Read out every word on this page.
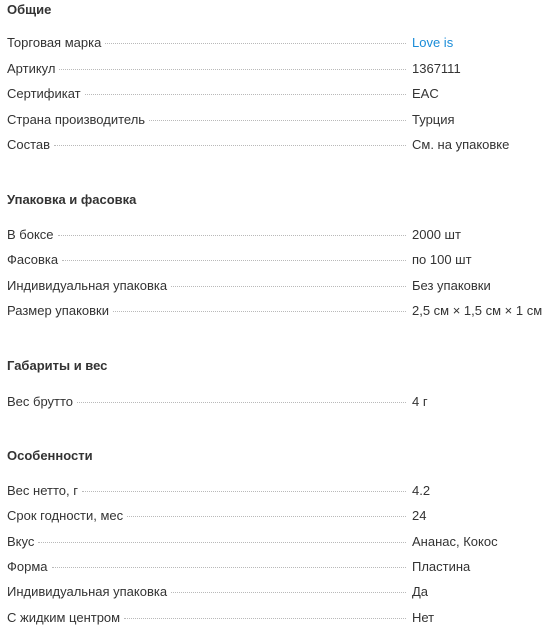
Общие
Торговая марка	Love is
Артикул	1367111
Сертификат	EAC
Страна производитель	Турция
Состав	См. на упаковке
Упаковка и фасовка
В боксе	2000 шт
Фасовка	по 100 шт
Индивидуальная упаковка	Без упаковки
Размер упаковки	2,5 см × 1,5 см × 1 см
Габариты и вес
Вес брутто	4 г
Особенности
Вес нетто, г	4.2
Срок годности, мес	24
Вкус	Ананас, Кокос
Форма	Пластина
Индивидуальная упаковка	Да
С жидким центром	Нет
